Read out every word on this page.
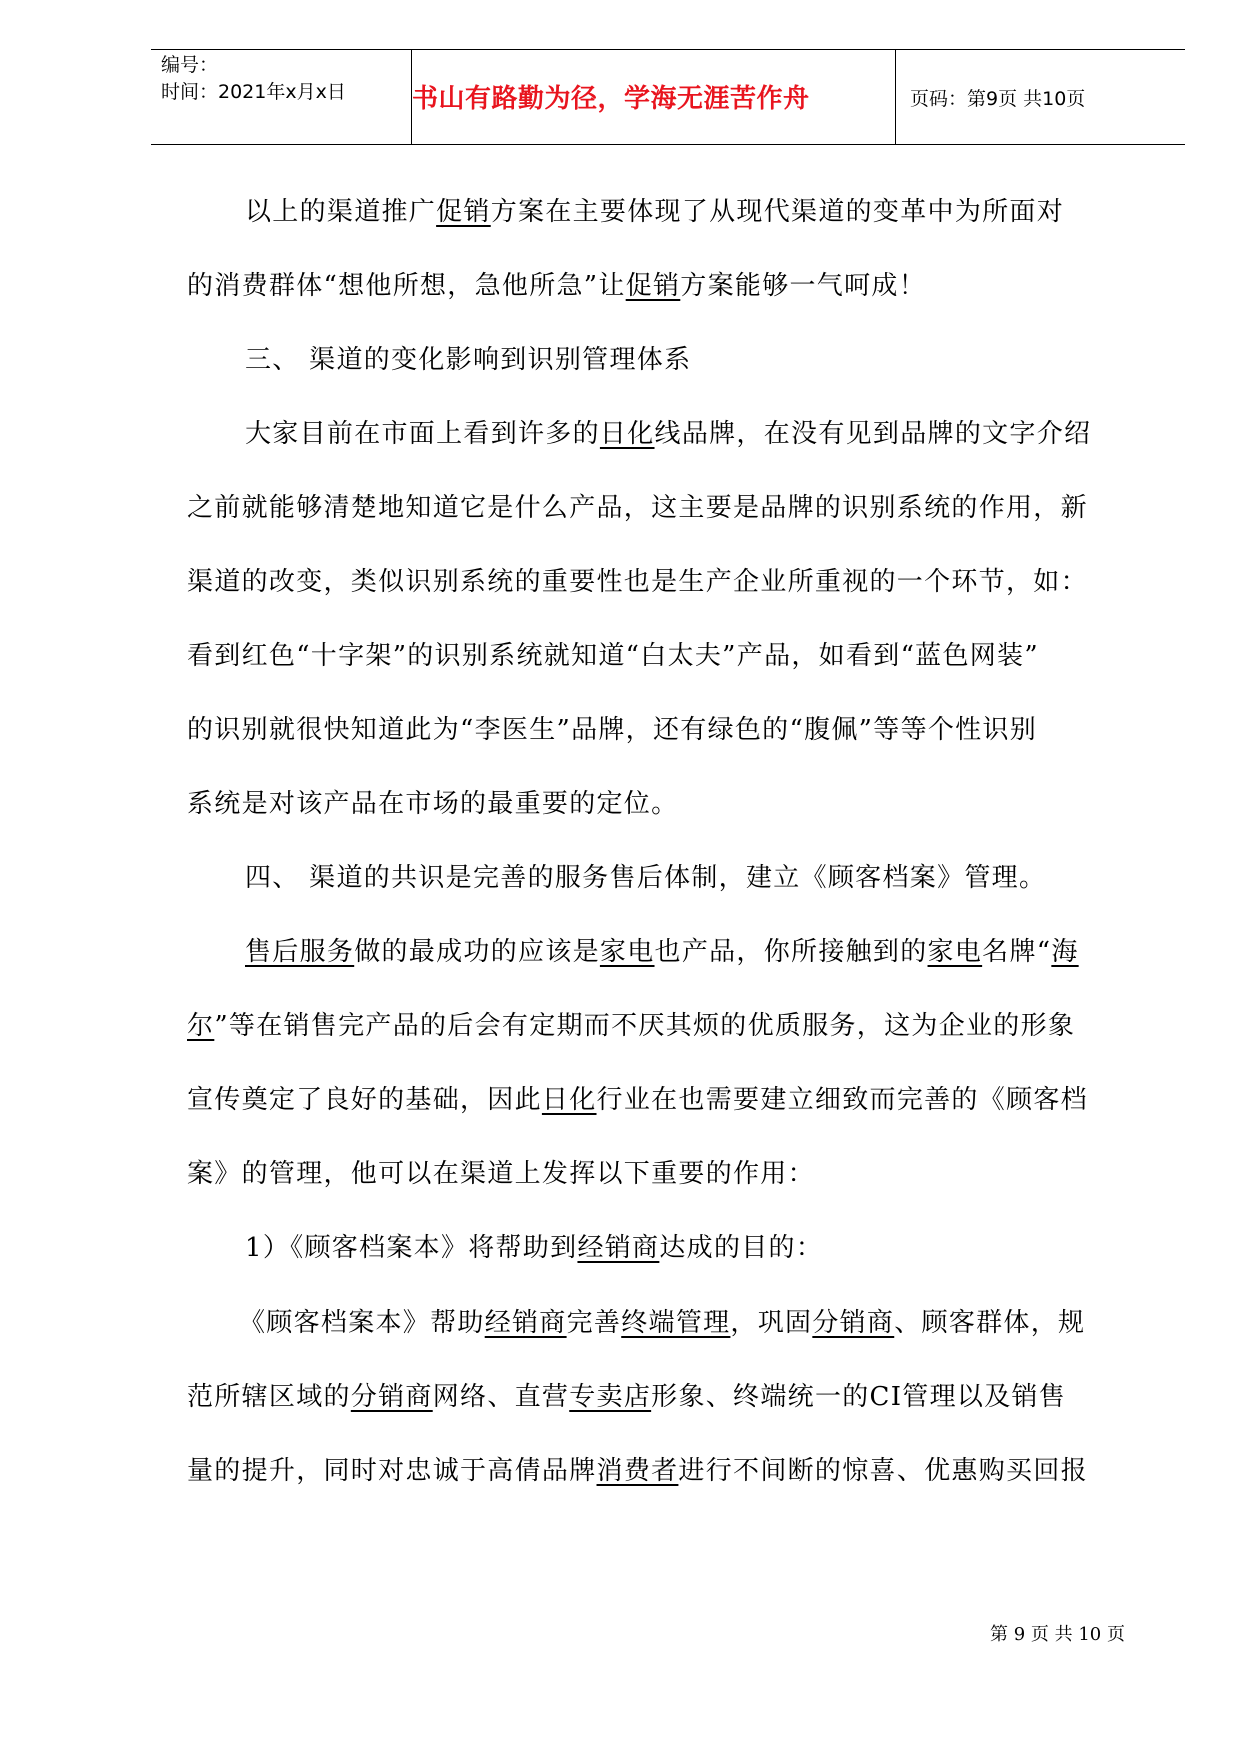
编号：
时间：2021年x月x日	书山有路勤为径，学海无涯苦作舟	页码：第9页 共10页
以上的渠道推广促销方案在主要体现了从现代渠道的变革中为所面对
的消费群体“想他所想，急他所急”让促销方案能够一气呵成！
三、 渠道的变化影响到识别管理体系
大家目前在市面上看到许多的日化线品牌，在没有见到品牌的文字介绍
之前就能够清楚地知道它是什么产品，这主要是品牌的识别系统的作用，新
渠道的改变，类似识别系统的重要性也是生产企业所重视的一个环节，如：
看到红色“十字架”的识别系统就知道“白太夫”产品，如看到“蓝色网装”
的识别就很快知道此为“李医生”品牌，还有绿色的“腹佩”等等个性识别
系统是对该产品在市场的最重要的定位。
四、 渠道的共识是完善的服务售后体制，建立《顾客档案》管理。
售后服务做的最成功的应该是家电也产品，你所接触到的家电名牌“海
尔”等在销售完产品的后会有定期而不厌其烦的优质服务，这为企业的形象
宣传奠定了良好的基础，因此日化行业在也需要建立细致而完善的《顾客档
案》的管理，他可以在渠道上发挥以下重要的作用：
1）《顾客档案本》将帮助到经销商达成的目的：
《顾客档案本》帮助经销商完善终端管理，巩固分销商、顾客群体，规
范所辖区域的分销商网络、直营专卖店形象、终端统一的CI管理以及销售
量的提升，同时对忠诚于高倩品牌消费者进行不间断的惊喜、优惠购买回报
第 9 页 共 10 页
